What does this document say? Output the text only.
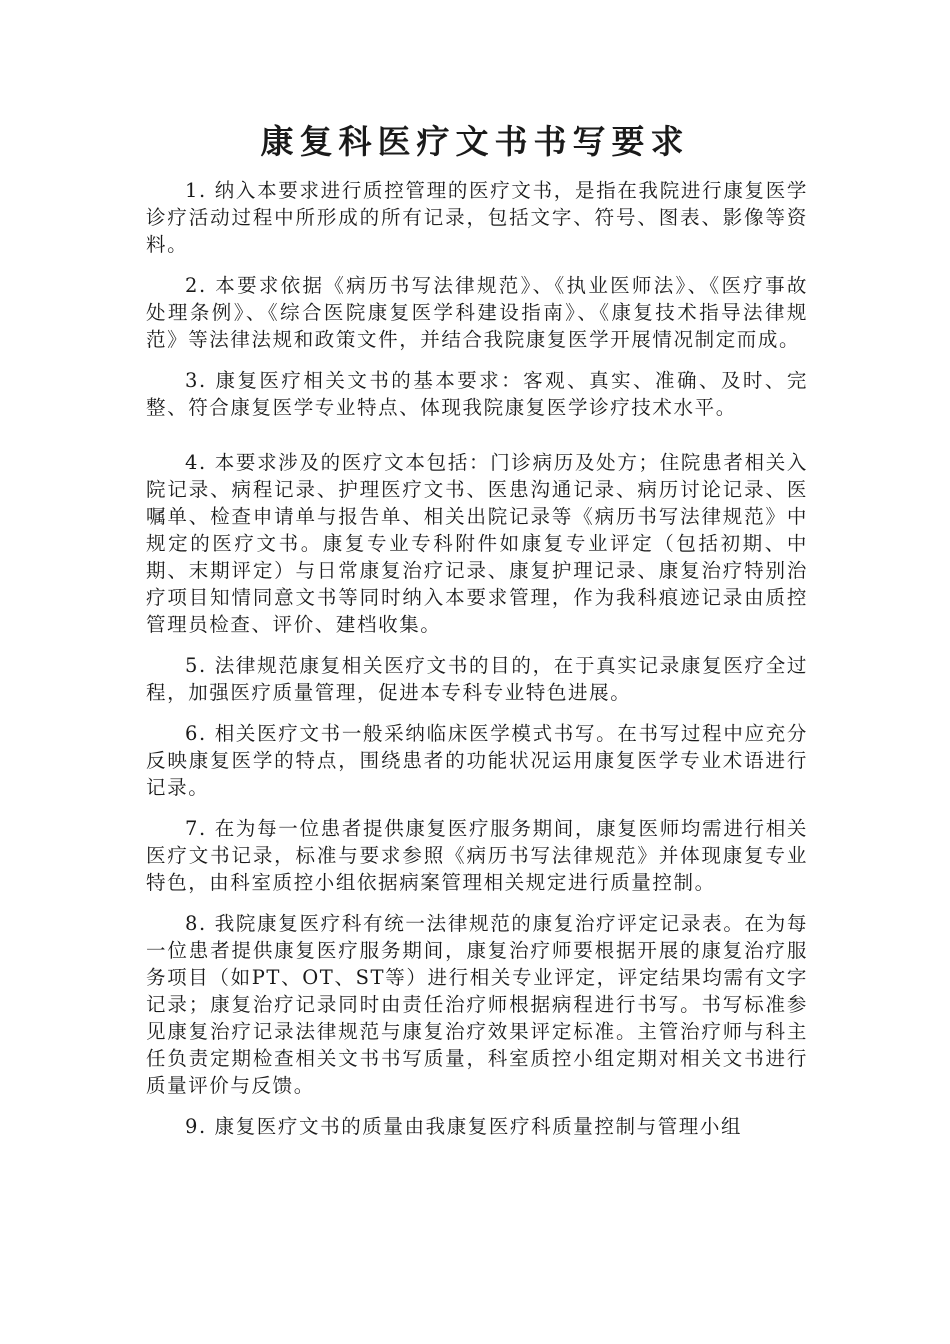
康复科医疗文书书写要求

1. 纳入本要求进行质控管理的医疗文书，是指在我院进行康复医学诊疗活动过程中所形成的所有记录，包括文字、符号、图表、影像等资料。

2. 本要求依据《病历书写法律规范》、《执业医师法》、《医疗事故处理条例》、《综合医院康复医学科建设指南》、《康复技术指导法律规范》等法律法规和政策文件，并结合我院康复医学开展情况制定而成。

3. 康复医疗相关文书的基本要求：客观、真实、准确、及时、完整、符合康复医学专业特点、体现我院康复医学诊疗技术水平。

4. 本要求涉及的医疗文本包括：门诊病历及处方；住院患者相关入院记录、病程记录、护理医疗文书、医患沟通记录、病历讨论记录、医嘱单、检查申请单与报告单、相关出院记录等《病历书写法律规范》中规定的医疗文书。康复专业专科附件如康复专业评定（包括初期、中期、末期评定）与日常康复治疗记录、康复护理记录、康复治疗特别治疗项目知情同意文书等同时纳入本要求管理，作为我科痕迹记录由质控管理员检查、评价、建档收集。

5. 法律规范康复相关医疗文书的目的，在于真实记录康复医疗全过程，加强医疗质量管理，促进本专科专业特色进展。

6. 相关医疗文书一般采纳临床医学模式书写。在书写过程中应充分反映康复医学的特点，围绕患者的功能状况运用康复医学专业术语进行记录。

7. 在为每一位患者提供康复医疗服务期间，康复医师均需进行相关医疗文书记录，标准与要求参照《病历书写法律规范》并体现康复专业特色，由科室质控小组依据病案管理相关规定进行质量控制。

8. 我院康复医疗科有统一法律规范的康复治疗评定记录表。在为每一位患者提供康复医疗服务期间，康复治疗师要根据开展的康复治疗服务项目（如PT、OT、ST等）进行相关专业评定，评定结果均需有文字记录；康复治疗记录同时由责任治疗师根据病程进行书写。书写标准参见康复治疗记录法律规范与康复治疗效果评定标准。主管治疗师与科主任负责定期检查相关文书书写质量，科室质控小组定期对相关文书进行质量评价与反馈。

9. 康复医疗文书的质量由我康复医疗科质量控制与管理小组
